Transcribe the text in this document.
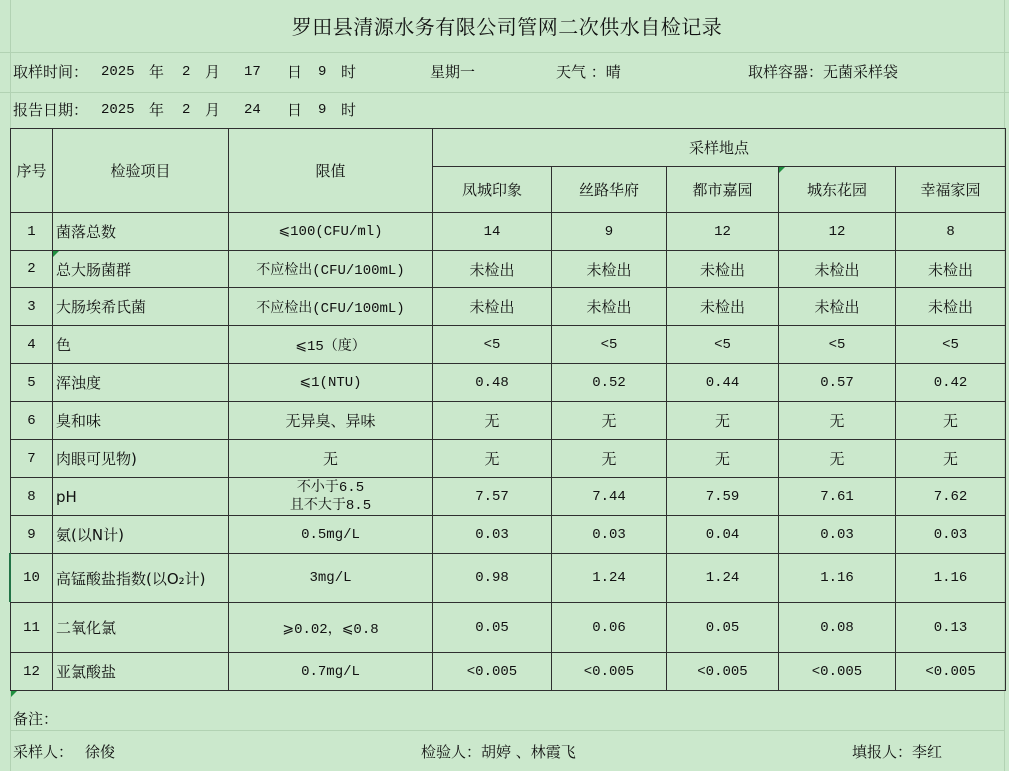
罗田县清源水务有限公司管网二次供水自检记录
取样时间： 2025 年 2 月 17 日 9 时	星期一	天气 ：晴	取样容器：无菌采样袋
报告日期： 2025 年 2 月 24 日 9 时
序号	检验项目	限值	采样地点				
			凤城印象	丝路华府	都市嘉园	城东花园	幸福家园
1	菌落总数	⩽100(CFU/ml)	14	9	12	12	8
2	总大肠菌群	不应检出(CFU/100mL)	未检出	未检出	未检出	未检出	未检出
3	大肠埃希氏菌	不应检出(CFU/100mL)	未检出	未检出	未检出	未检出	未检出
4	色	⩽15（度）	<5	<5	<5	<5	<5
5	浑浊度	⩽1(NTU)	0.48	0.52	0.44	0.57	0.42
6	臭和味	无异臭、异味	无	无	无	无	无
7	肉眼可见物)	无	无	无	无	无	无
8	pH	不小于6.5
且不大于8.5	7.57	7.44	7.59	7.61	7.62
9	氨(以N计)	0.5mg/L	0.03	0.03	0.04	0.03	0.03
10	高锰酸盐指数(以O₂计)	3mg/L	0.98	1.24	1.24	1.16	1.16
11	二氧化氯	⩾0.02，⩽0.8	0.05	0.06	0.05	0.08	0.13
12	亚氯酸盐	0.7mg/L	<0.005	<0.005	<0.005	<0.005	<0.005
备注：
采样人： 徐俊	检验人：胡婷 、林霞飞	填报人：李红
